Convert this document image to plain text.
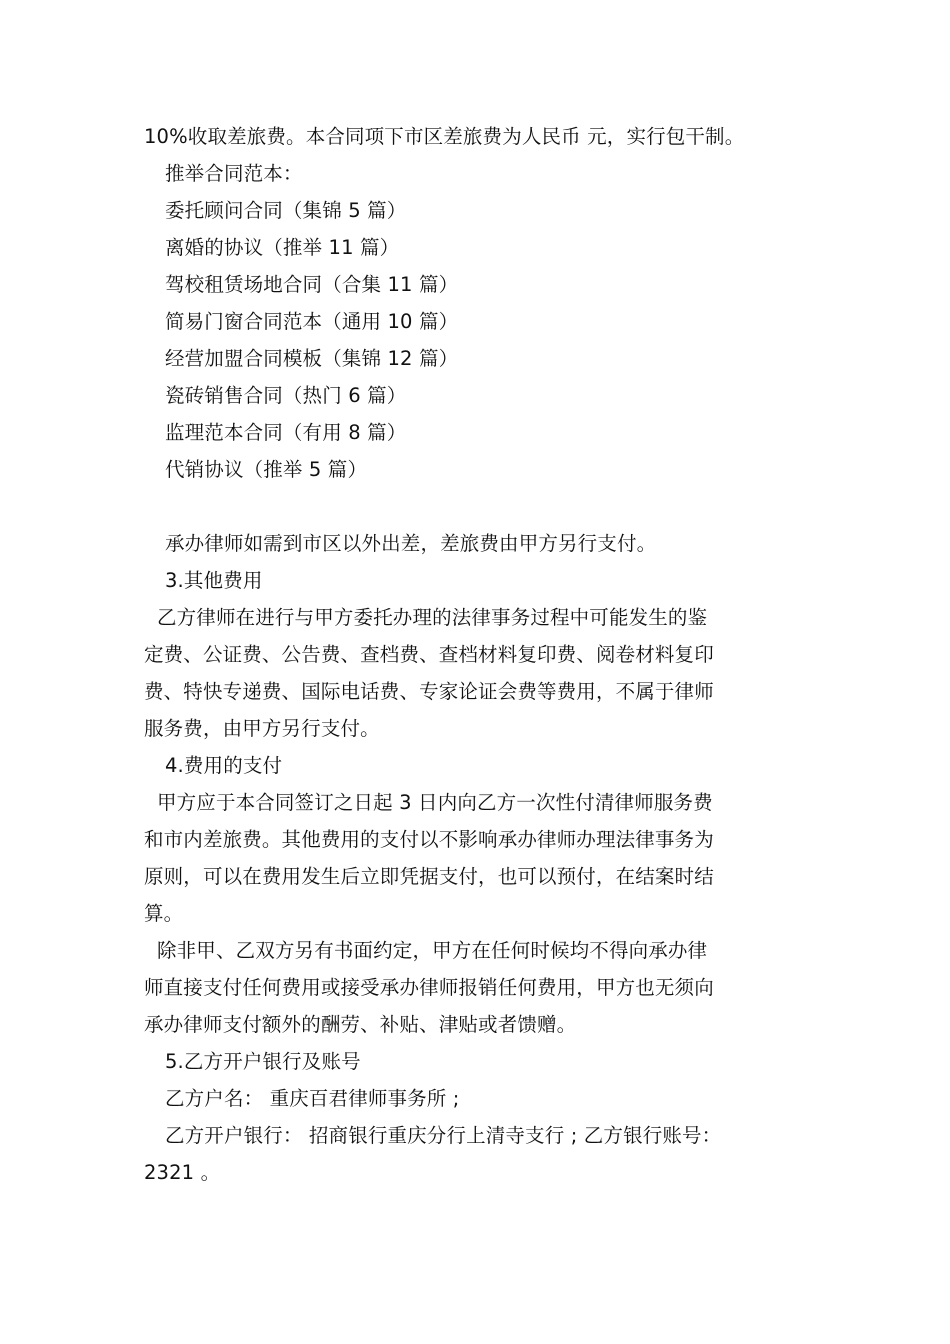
10%收取差旅费。本合同项下市区差旅费为人民币 元，实行包干制。
推举合同范本：
委托顾问合同（集锦 5 篇）
离婚的协议（推举 11 篇）
驾校租赁场地合同（合集 11 篇）
简易门窗合同范本（通用 10 篇）
经营加盟合同模板（集锦 12 篇）
瓷砖销售合同（热门 6 篇）
监理范本合同（有用 8 篇）
代销协议（推举 5 篇）
承办律师如需到市区以外出差，差旅费由甲方另行支付。
3.其他费用
乙方律师在进行与甲方委托办理的法律事务过程中可能发生的鉴
定费、公证费、公告费、查档费、查档材料复印费、阅卷材料复印
费、特快专递费、国际电话费、专家论证会费等费用，不属于律师
服务费，由甲方另行支付。
4.费用的支付
甲方应于本合同签订之日起 3 日内向乙方一次性付清律师服务费
和市内差旅费。其他费用的支付以不影响承办律师办理法律事务为
原则，可以在费用发生后立即凭据支付，也可以预付，在结案时结
算。
除非甲、乙双方另有书面约定，甲方在任何时候均不得向承办律
师直接支付任何费用或接受承办律师报销任何费用，甲方也无须向
承办律师支付额外的酬劳、补贴、津贴或者馈赠。
5.乙方开户银行及账号
乙方户名： 重庆百君律师事务所 ;
乙方开户银行： 招商银行重庆分行上清寺支行 ; 乙方银行账号：
2321 。
